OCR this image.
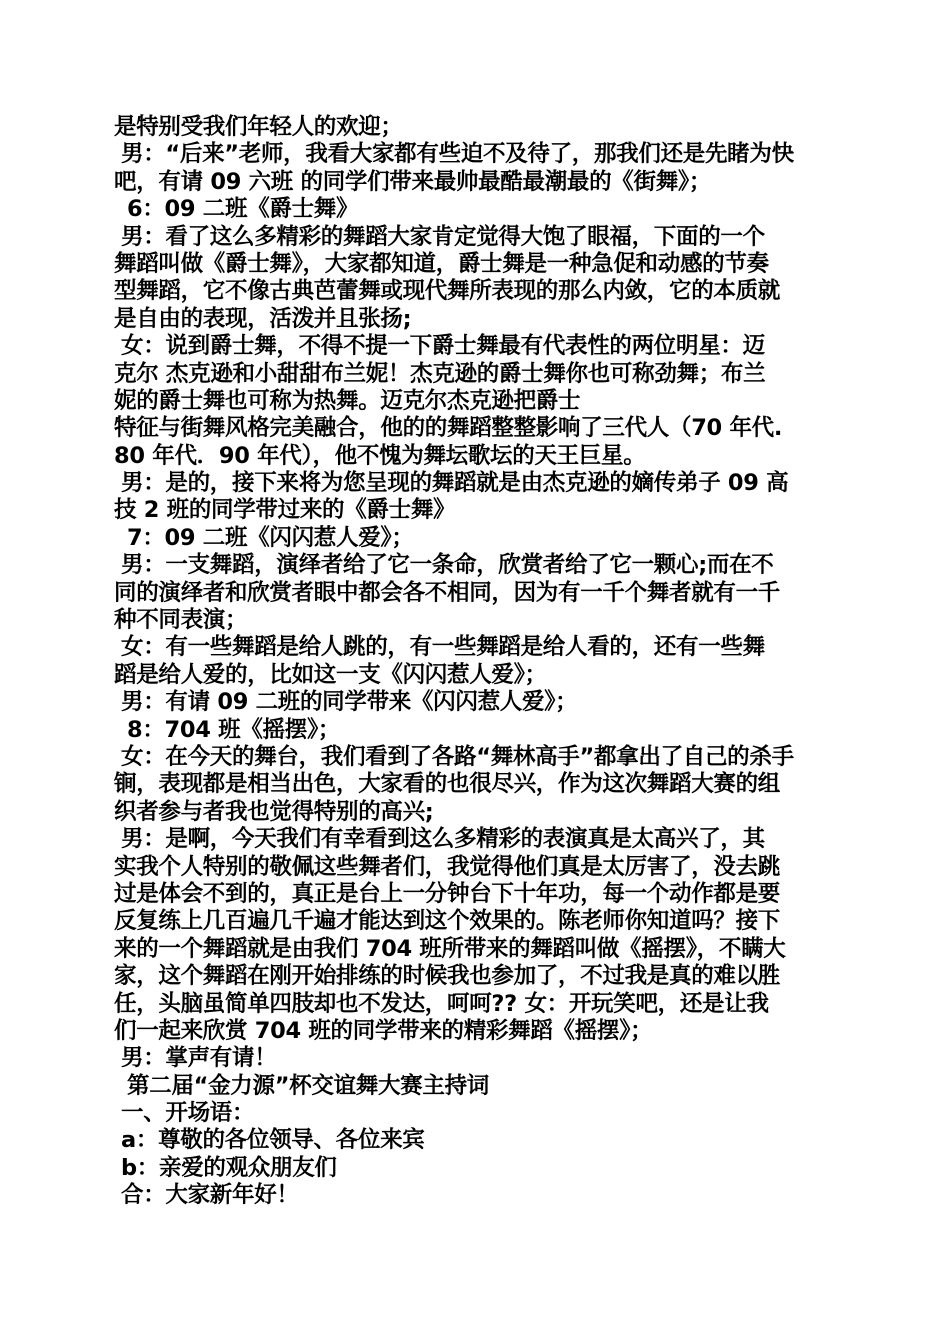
是特别受我们年轻人的欢迎；
男：“后来”老师，我看大家都有些迫不及待了，那我们还是先睹为快
吧，有请 09 六班 的同学们带来最帅最酷最潮最的《街舞》；
6：09 二班《爵士舞》
男：看了这么多精彩的舞蹈大家肯定觉得大饱了眼福，下面的一个
舞蹈叫做《爵士舞》，大家都知道，爵士舞是一种急促和动感的节奏
型舞蹈，它不像古典芭蕾舞或现代舞所表现的那么内敛，它的本质就
是自由的表现，活泼并且张扬;
女：说到爵士舞，不得不提一下爵士舞最有代表性的两位明星：迈
克尔 杰克逊和小甜甜布兰妮！杰克逊的爵士舞你也可称劲舞；布兰
妮的爵士舞也可称为热舞。迈克尔杰克逊把爵士
特征与街舞风格完美融合，他的的舞蹈整整影响了三代人（70 年代.
80 年代．90 年代），他不愧为舞坛歌坛的天王巨星。
男：是的，接下来将为您呈现的舞蹈就是由杰克逊的嫡传弟子 09 高
技 2 班的同学带过来的《爵士舞》
7：09 二班《闪闪惹人爱》；
男：一支舞蹈，演绎者给了它一条命，欣赏者给了它一颗心;而在不
同的演绎者和欣赏者眼中都会各不相同，因为有一千个舞者就有一千
种不同表演；
女：有一些舞蹈是给人跳的，有一些舞蹈是给人看的，还有一些舞
蹈是给人爱的，比如这一支《闪闪惹人爱》；
男：有请 09 二班的同学带来《闪闪惹人爱》；
8：704 班《摇摆》；
女：在今天的舞台，我们看到了各路“舞林高手”都拿出了自己的杀手
锏，表现都是相当出色，大家看的也很尽兴，作为这次舞蹈大赛的组
织者参与者我也觉得特别的高兴;
男：是啊，今天我们有幸看到这么多精彩的表演真是太高兴了，其
实我个人特别的敬佩这些舞者们，我觉得他们真是太厉害了，没去跳
过是体会不到的，真正是台上一分钟台下十年功，每一个动作都是要
反复练上几百遍几千遍才能达到这个效果的。陈老师你知道吗？接下
来的一个舞蹈就是由我们 704 班所带来的舞蹈叫做《摇摆》，不瞒大
家，这个舞蹈在刚开始排练的时候我也参加了，不过我是真的难以胜
任，头脑虽简单四肢却也不发达，呵呵?? 女：开玩笑吧，还是让我
们一起来欣赏 704 班的同学带来的精彩舞蹈《摇摆》；
男：掌声有请！
第二届“金力源”杯交谊舞大赛主持词
一、开场语：
a：尊敬的各位领导、各位来宾
b：亲爱的观众朋友们
合：大家新年好！
